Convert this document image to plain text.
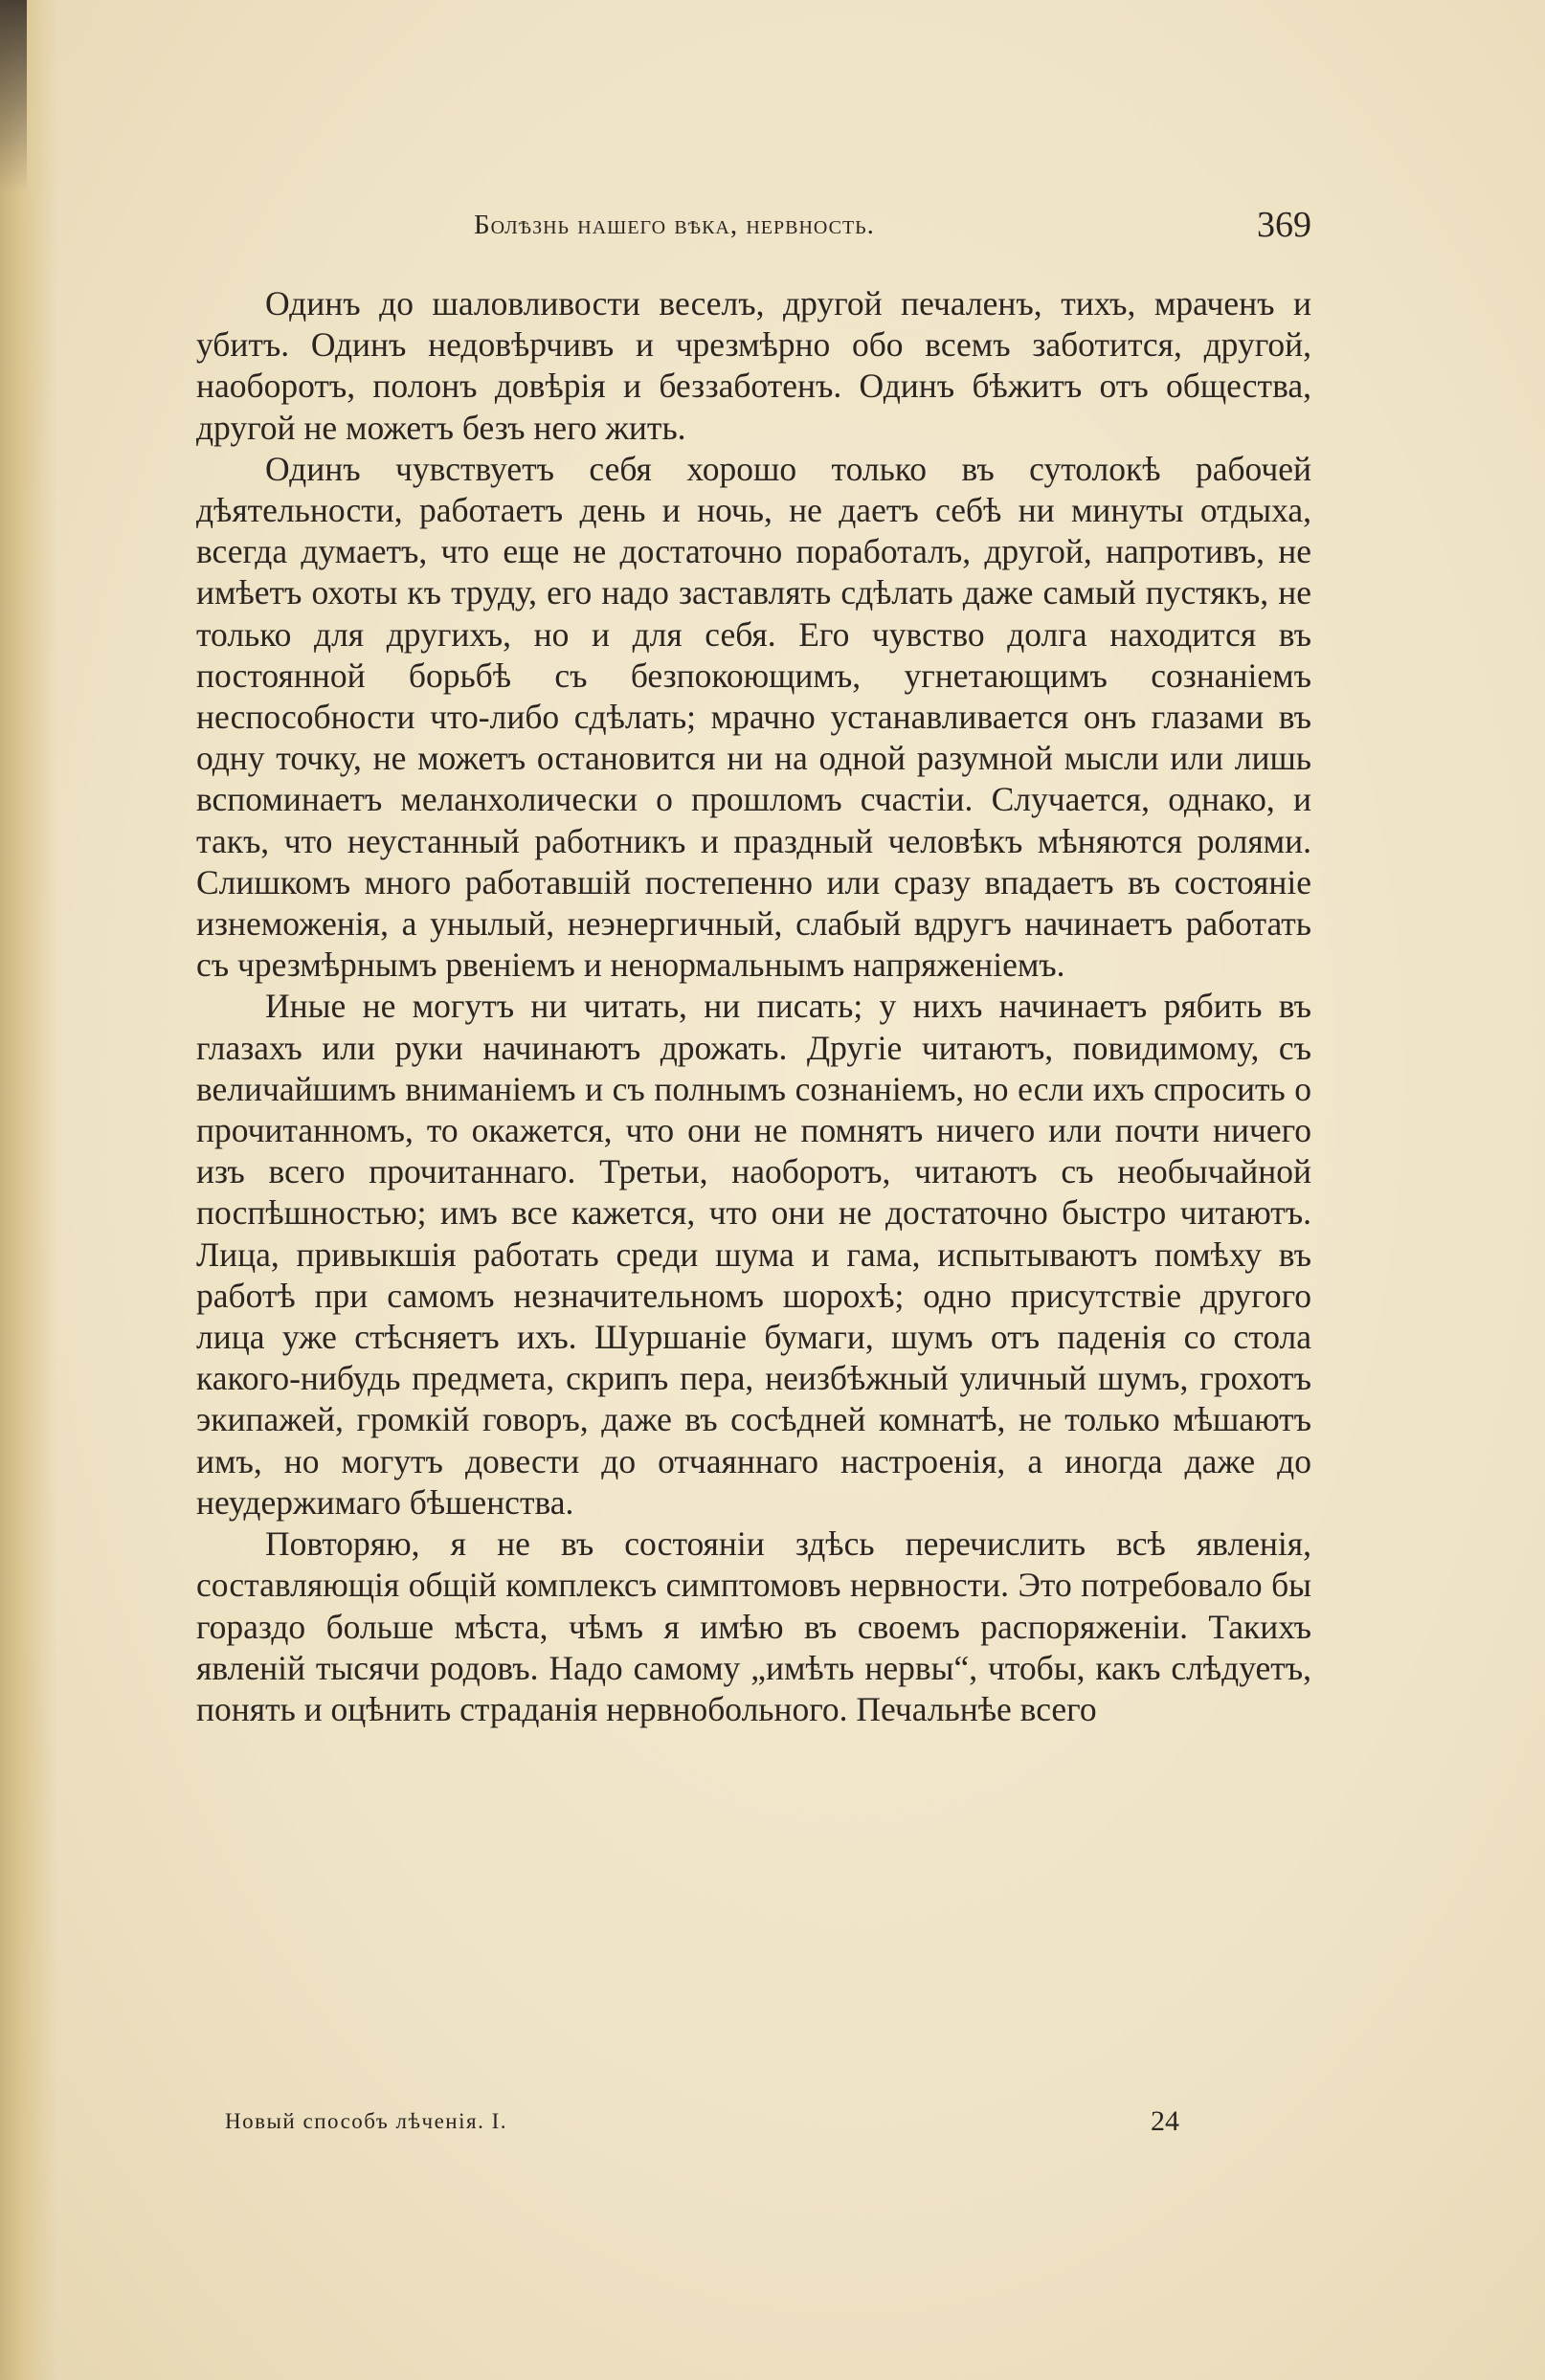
Болѣзнь нашего вѣка, нервность.	369

Одинъ до шаловливости веселъ, другой печаленъ, тихъ, мраченъ и убитъ. Одинъ недовѣрчивъ и чрезмѣрно обо всемъ заботится, другой, наоборотъ, полонъ довѣрія и беззаботенъ. Одинъ бѣжитъ отъ общества, другой не можетъ безъ него жить.

Одинъ чувствуетъ себя хорошо только въ сутолокѣ рабочей дѣятельности, работаетъ день и ночь, не даетъ себѣ ни минуты отдыха, всегда думаетъ, что еще не достаточно поработалъ, другой, напротивъ, не имѣетъ охоты къ труду, его надо заставлять сдѣлать даже самый пустякъ, не только для другихъ, но и для себя. Его чувство долга находится въ постоянной борьбѣ съ безпокоющимъ, угнетающимъ сознаніемъ неспособности что-либо сдѣлать; мрачно устанавливается онъ глазами въ одну точку, не можетъ остановится ни на одной разумной мысли или лишь вспоминаетъ меланхолически о прошломъ счастіи. Случается, однако, и такъ, что неустанный работникъ и праздный человѣкъ мѣняются ролями. Слишкомъ много работавшій постепенно или сразу впадаетъ въ состояніе изнеможенія, а унылый, неэнергичный, слабый вдругъ начинаетъ работать съ чрезмѣрнымъ рвеніемъ и ненормальнымъ напряженіемъ.

Иные не могутъ ни читать, ни писать; у нихъ начинаетъ рябить въ глазахъ или руки начинаютъ дрожать. Другіе читаютъ, повидимому, съ величайшимъ вниманіемъ и съ полнымъ сознаніемъ, но если ихъ спросить о прочитанномъ, то окажется, что они не помнятъ ничего или почти ничего изъ всего прочитаннаго. Третьи, наоборотъ, читаютъ съ необычайной поспѣшностью; имъ все кажется, что они не достаточно быстро читаютъ. Лица, привыкшія работать среди шума и гама, испытываютъ помѣху въ работѣ при самомъ незначительномъ шорохѣ; одно присутствіе другого лица уже стѣсняетъ ихъ. Шуршаніе бумаги, шумъ отъ паденія со стола какого-нибудь предмета, скрипъ пера, неизбѣжный уличный шумъ, грохотъ экипажей, громкій говоръ, даже въ сосѣдней комнатѣ, не только мѣшаютъ имъ, но могутъ довести до отчаяннаго настроенія, а иногда даже до неудержимаго бѣшенства.

Повторяю, я не въ состояніи здѣсь перечислить всѣ явленія, составляющія общій комплексъ симптомовъ нервности. Это потребовало бы гораздо больше мѣста, чѣмъ я имѣю въ своемъ распоряженіи. Такихъ явленій тысячи родовъ. Надо самому „имѣть нервы“, чтобы, какъ слѣдуетъ, понять и оцѣнить страданія нервнобольного. Печальнѣе всего

Новый способъ лѣченія. I.	24
